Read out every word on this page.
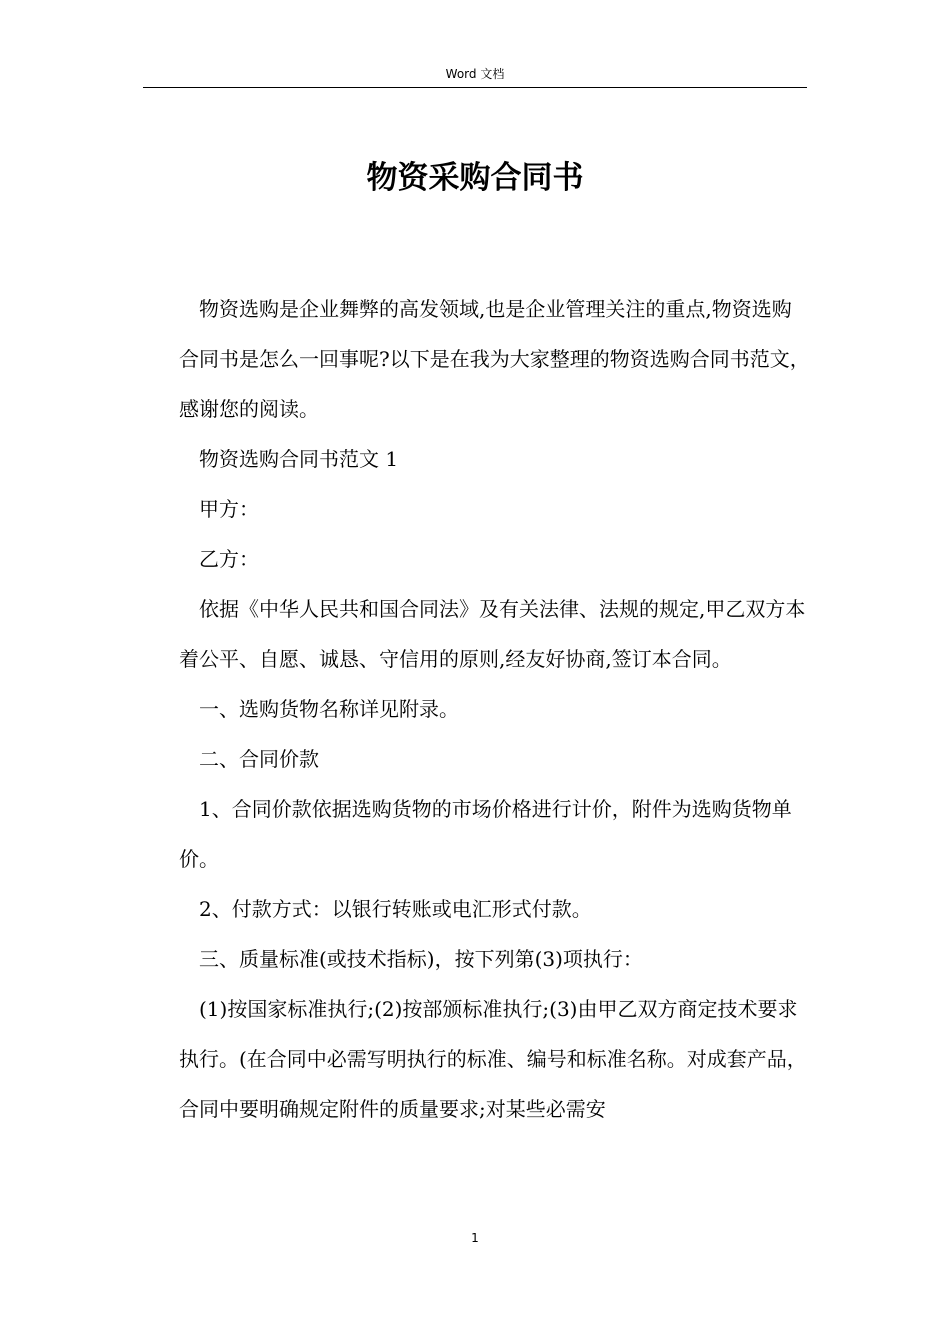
Word 文档
物资采购合同书

物资选购是企业舞弊的高发领域,也是企业管理关注的重点,物资选购合同书是怎么一回事呢?以下是在我为大家整理的物资选购合同书范文，感谢您的阅读。

物资选购合同书范文 1

甲方：

乙方：

依据《中华人民共和国合同法》及有关法律、法规的规定,甲乙双方本着公平、自愿、诚恳、守信用的原则,经友好协商,签订本合同。

一、选购货物名称详见附录。

二、合同价款

1、合同价款依据选购货物的市场价格进行计价，附件为选购货物单价。

2、付款方式：以银行转账或电汇形式付款。

三、质量标准(或技术指标)，按下列第(3)项执行：

(1)按国家标准执行;(2)按部颁标准执行;(3)由甲乙双方商定技术要求执行。(在合同中必需写明执行的标准、编号和标准名称。对成套产品，合同中要明确规定附件的质量要求;对某些必需安

1
